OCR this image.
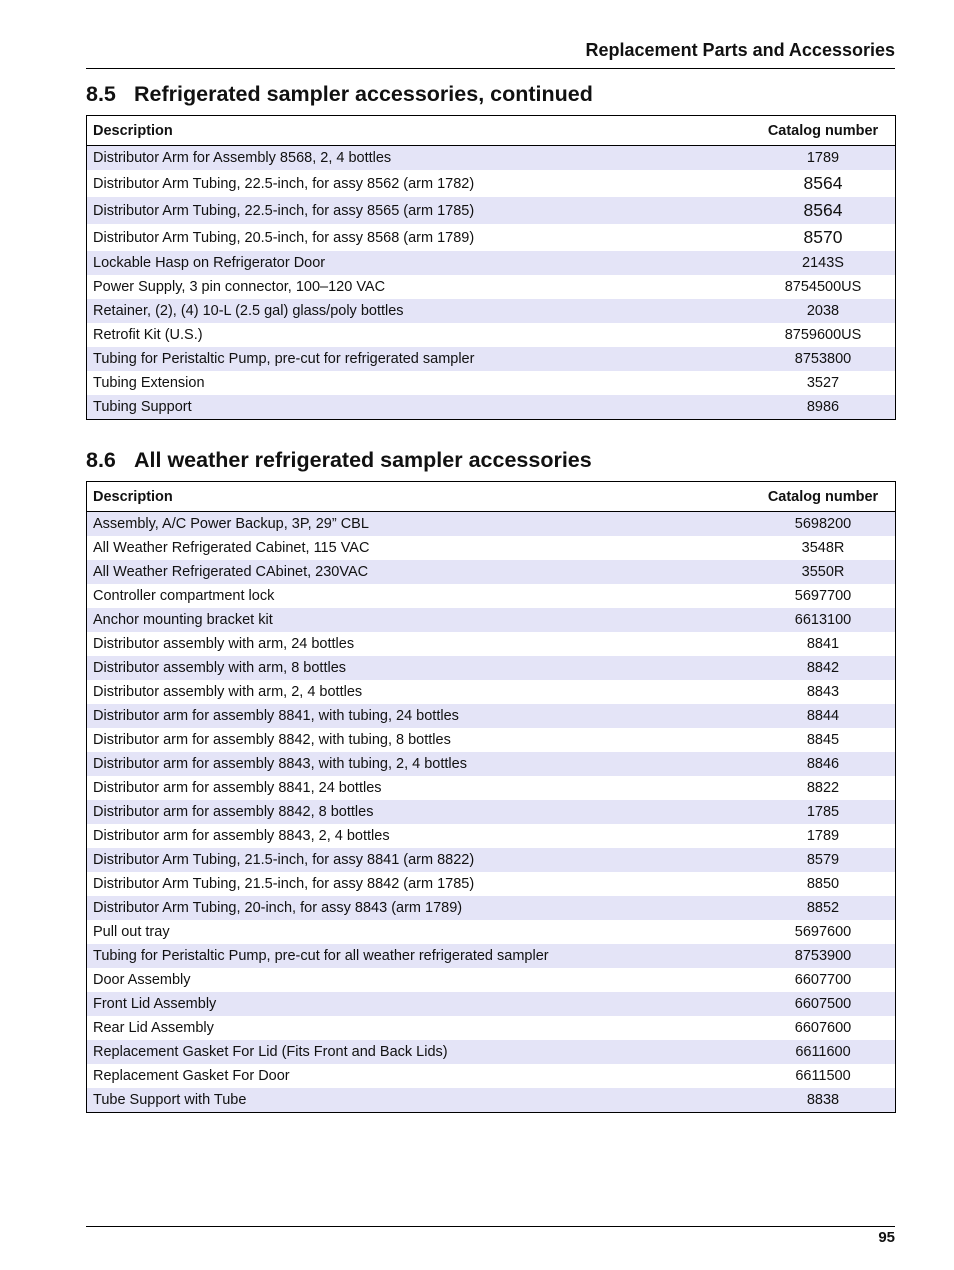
Replacement Parts and Accessories
8.5 Refrigerated sampler accessories, continued
Description	Catalog number
Distributor Arm for Assembly 8568, 2, 4 bottles	1789
Distributor Arm Tubing, 22.5-inch, for assy 8562 (arm 1782)	8564
Distributor Arm Tubing, 22.5-inch, for assy 8565 (arm 1785)	8564
Distributor Arm Tubing, 20.5-inch, for assy 8568 (arm 1789)	8570
Lockable Hasp on Refrigerator Door	2143S
Power Supply, 3 pin connector, 100–120 VAC	8754500US
Retainer, (2), (4) 10-L (2.5 gal) glass/poly bottles	2038
Retrofit Kit (U.S.)	8759600US
Tubing for Peristaltic Pump, pre-cut for refrigerated sampler	8753800
Tubing Extension	3527
Tubing Support	8986
8.6 All weather refrigerated sampler accessories
Description	Catalog number
Assembly, A/C Power Backup, 3P, 29” CBL	5698200
All Weather Refrigerated Cabinet, 115 VAC	3548R
All Weather Refrigerated CAbinet, 230VAC	3550R
Controller compartment lock	5697700
Anchor mounting bracket kit	6613100
Distributor assembly with arm, 24 bottles	8841
Distributor assembly with arm, 8 bottles	8842
Distributor assembly with arm, 2, 4 bottles	8843
Distributor arm for assembly 8841, with tubing, 24 bottles	8844
Distributor arm for assembly 8842, with tubing, 8 bottles	8845
Distributor arm for assembly 8843, with tubing, 2, 4 bottles	8846
Distributor arm for assembly 8841, 24 bottles	8822
Distributor arm for assembly 8842, 8 bottles	1785
Distributor arm for assembly 8843, 2, 4 bottles	1789
Distributor Arm Tubing, 21.5-inch, for assy 8841 (arm 8822)	8579
Distributor Arm Tubing, 21.5-inch, for assy 8842 (arm 1785)	8850
Distributor Arm Tubing, 20-inch, for assy 8843 (arm 1789)	8852
Pull out tray	5697600
Tubing for Peristaltic Pump, pre-cut for all weather refrigerated sampler	8753900
Door Assembly	6607700
Front Lid Assembly	6607500
Rear Lid Assembly	6607600
Replacement Gasket For Lid (Fits Front and Back Lids)	6611600
Replacement Gasket For Door	6611500
Tube Support with Tube	8838
95
